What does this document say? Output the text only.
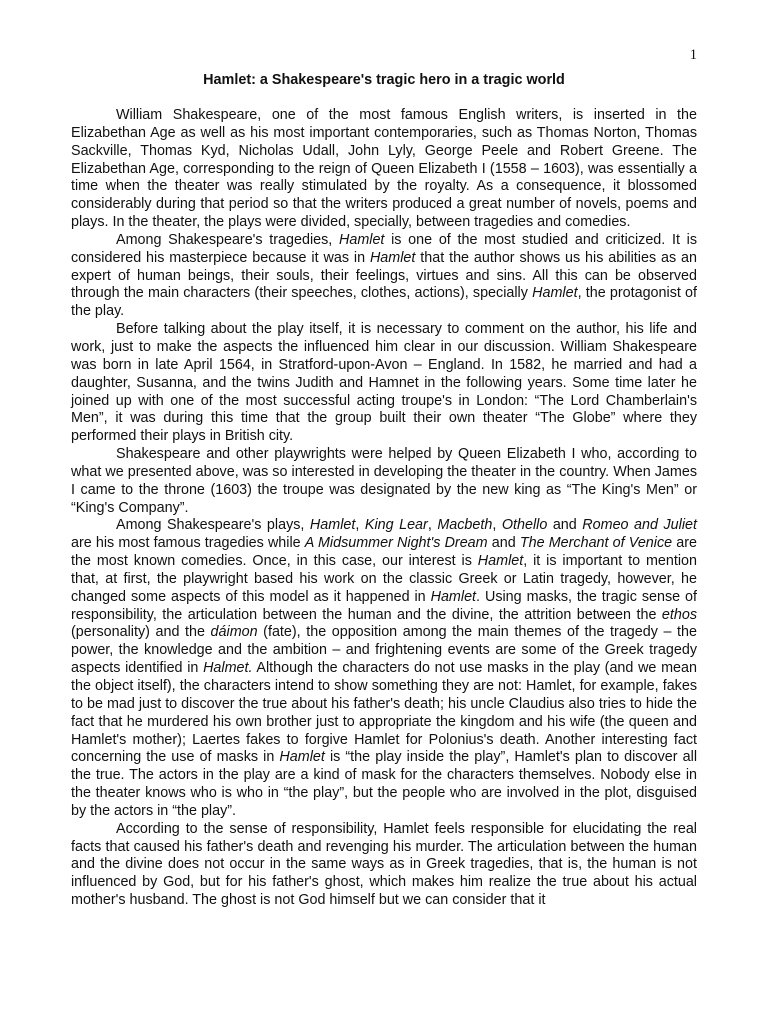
1

Hamlet: a Shakespeare's tragic hero in a tragic world

William Shakespeare, one of the most famous English writers, is inserted in the Elizabethan Age as well as his most important contemporaries, such as Thomas Norton, Thomas Sackville, Thomas Kyd, Nicholas Udall, John Lyly, George Peele and Robert Greene. The Elizabethan Age, corresponding to the reign of Queen Elizabeth I (1558 – 1603), was essentially a time when the theater was really stimulated by the royalty. As a consequence, it blossomed considerably during that period so that the writers produced a great number of novels, poems and plays. In the theater, the plays were divided, specially, between tragedies and comedies.

Among Shakespeare's tragedies, Hamlet is one of the most studied and criticized. It is considered his masterpiece because it was in Hamlet that the author shows us his abilities as an expert of human beings, their souls, their feelings, virtues and sins. All this can be observed through the main characters (their speeches, clothes, actions), specially Hamlet, the protagonist of the play.

Before talking about the play itself, it is necessary to comment on the author, his life and work, just to make the aspects the influenced him clear in our discussion. William Shakespeare was born in late April 1564, in Stratford-upon-Avon – England. In 1582, he married and had a daughter, Susanna, and the twins Judith and Hamnet in the following years. Some time later he joined up with one of the most successful acting troupe's in London: “The Lord Chamberlain's Men”, it was during this time that the group built their own theater “The Globe” where they performed their plays in British city.

Shakespeare and other playwrights were helped by Queen Elizabeth I who, according to what we presented above, was so interested in developing the theater in the country. When James I came to the throne (1603) the troupe was designated by the new king as “The King's Men” or “King's Company”.

Among Shakespeare's plays, Hamlet, King Lear, Macbeth, Othello and Romeo and Juliet are his most famous tragedies while A Midsummer Night's Dream and The Merchant of Venice are the most known comedies. Once, in this case, our interest is Hamlet, it is important to mention that, at first, the playwright based his work on the classic Greek or Latin tragedy, however, he changed some aspects of this model as it happened in Hamlet. Using masks, the tragic sense of responsibility, the articulation between the human and the divine, the attrition between the ethos (personality) and the dáimon (fate), the opposition among the main themes of the tragedy – the power, the knowledge and the ambition – and frightening events are some of the Greek tragedy aspects identified in Halmet. Although the characters do not use masks in the play (and we mean the object itself), the characters intend to show something they are not: Hamlet, for example, fakes to be mad just to discover the true about his father's death; his uncle Claudius also tries to hide the fact that he murdered his own brother just to appropriate the kingdom and his wife (the queen and Hamlet's mother); Laertes fakes to forgive Hamlet for Polonius's death. Another interesting fact concerning the use of masks in Hamlet is “the play inside the play”, Hamlet's plan to discover all the true. The actors in the play are a kind of mask for the characters themselves. Nobody else in the theater knows who is who in “the play”, but the people who are involved in the plot, disguised by the actors in “the play”.

According to the sense of responsibility, Hamlet feels responsible for elucidating the real facts that caused his father's death and revenging his murder. The articulation between the human and the divine does not occur in the same ways as in Greek tragedies, that is, the human is not influenced by God, but for his father's ghost, which makes him realize the true about his actual mother's husband. The ghost is not God himself but we can consider that it
